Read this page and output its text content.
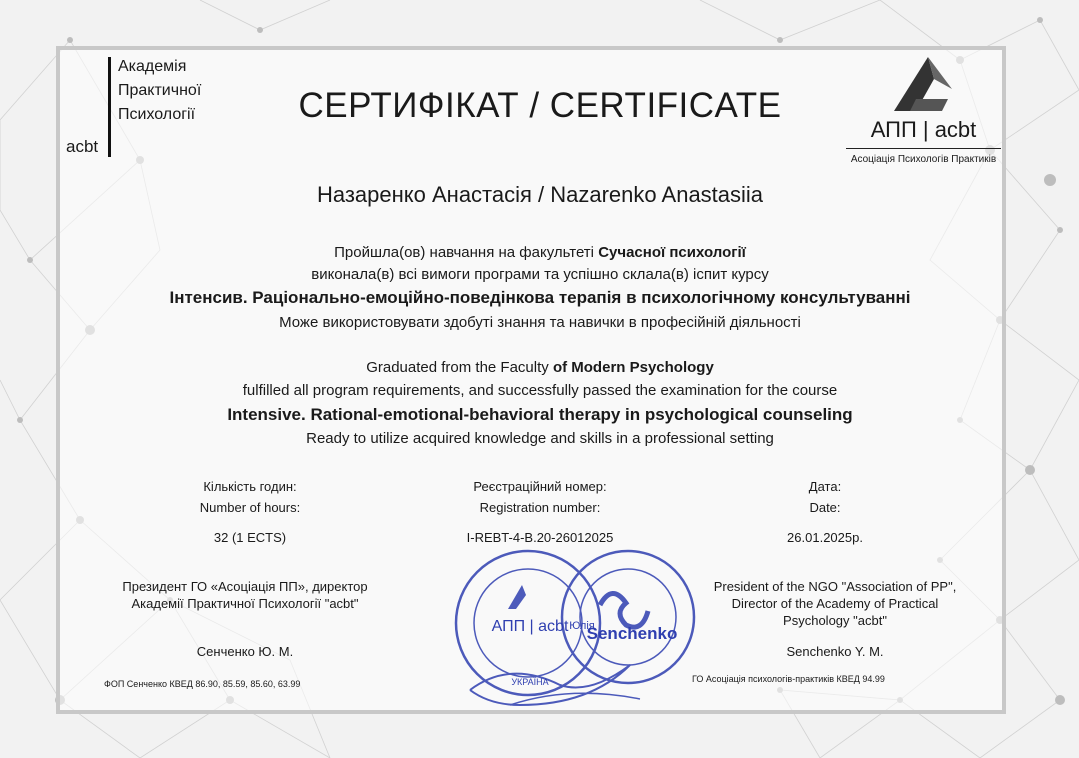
acbt
Академія
Практичної
Психології	СЕРТИФІКАТ / CERTIFICATE
АПП | acbt
Асоціація Психологів Практиків
Назаренко Анастасія / Nazarenko Anastasiia
Пройшла(ов) навчання на факультеті Сучасної психології
виконала(в) всі вимоги програми та успішно склала(в) іспит курсу
Інтенсив. Раціонально-емоційно-поведінкова терапія в психологічному консультуванні
Може використовувати здобуті знання та навички в професійній діяльності
Graduated from the Faculty of Modern Psychology
fulfilled all program requirements, and successfully passed the examination for the course
Intensive. Rational-emotional-behavioral therapy in psychological counseling
Ready to utilize acquired knowledge and skills in a professional setting
Кількість годин:
Number of hours:
32 (1 ECTS)
Реєстраційний номер:
Registration number:
I-REBT-4-B.20-26012025
Дата:
Date:
26.01.2025р.
Президент ГО «Асоціація ПП», директор
Академії Практичної Психології "acbt"
Сенченко Ю. М.
ФОП Сенченко КВЕД 86.90, 85.59, 85.60, 63.99
President of the NGO "Association of PP",
Director of the Academy of Practical
Psychology "acbt"
Senchenko Y. M.
ГО Асоціація психологів-практиків КВЕД 94.99
АПП | acbt
УКРАЇНА
Senchenko
Юлія
